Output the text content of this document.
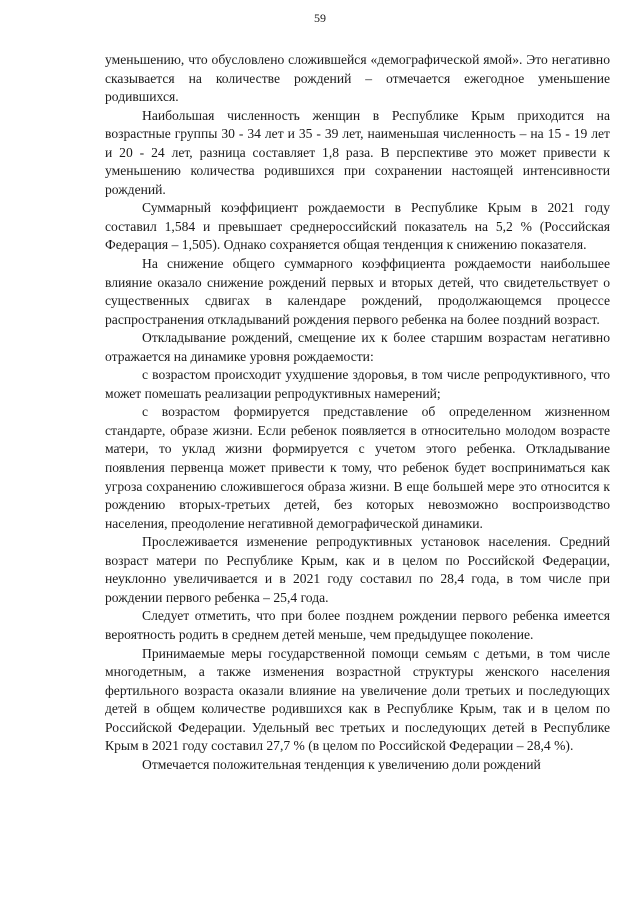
59

уменьшению, что обусловлено сложившейся «демографической ямой». Это негативно сказывается на количестве рождений – отмечается ежегодное уменьшение родившихся.

Наибольшая численность женщин в Республике Крым приходится на возрастные группы 30 - 34 лет и 35 - 39 лет, наименьшая численность – на 15 - 19 лет и 20 - 24 лет, разница составляет 1,8 раза. В перспективе это может привести к уменьшению количества родившихся при сохранении настоящей интенсивности рождений.

Суммарный коэффициент рождаемости в Республике Крым в 2021 году составил 1,584 и превышает среднероссийский показатель на 5,2 % (Российская Федерация – 1,505). Однако сохраняется общая тенденция к снижению показателя.

На снижение общего суммарного коэффициента рождаемости наибольшее влияние оказало снижение рождений первых и вторых детей, что свидетельствует о существенных сдвигах в календаре рождений, продолжающемся процессе распространения откладываний рождения первого ребенка на более поздний возраст.

Откладывание рождений, смещение их к более старшим возрастам негативно отражается на динамике уровня рождаемости:

с возрастом происходит ухудшение здоровья, в том числе репродуктивного, что может помешать реализации репродуктивных намерений;

с возрастом формируется представление об определенном жизненном стандарте, образе жизни. Если ребенок появляется в относительно молодом возрасте матери, то уклад жизни формируется с учетом этого ребенка. Откладывание появления первенца может привести к тому, что ребенок будет восприниматься как угроза сохранению сложившегося образа жизни. В еще большей мере это относится к рождению вторых-третьих детей, без которых невозможно воспроизводство населения, преодоление негативной демографической динамики.

Прослеживается изменение репродуктивных установок населения. Средний возраст матери по Республике Крым, как и в целом по Российской Федерации, неуклонно увеличивается и в 2021 году составил по 28,4 года, в том числе при рождении первого ребенка – 25,4 года.

Следует отметить, что при более позднем рождении первого ребенка имеется вероятность родить в среднем детей меньше, чем предыдущее поколение.

Принимаемые меры государственной помощи семьям с детьми, в том числе многодетным, а также изменения возрастной структуры женского населения фертильного возраста оказали влияние на увеличение доли третьих и последующих детей в общем количестве родившихся как в Республике Крым, так и в целом по Российской Федерации. Удельный вес третьих и последующих детей в Республике Крым в 2021 году составил 27,7 % (в целом по Российской Федерации – 28,4 %).

Отмечается положительная тенденция к увеличению доли рождений
